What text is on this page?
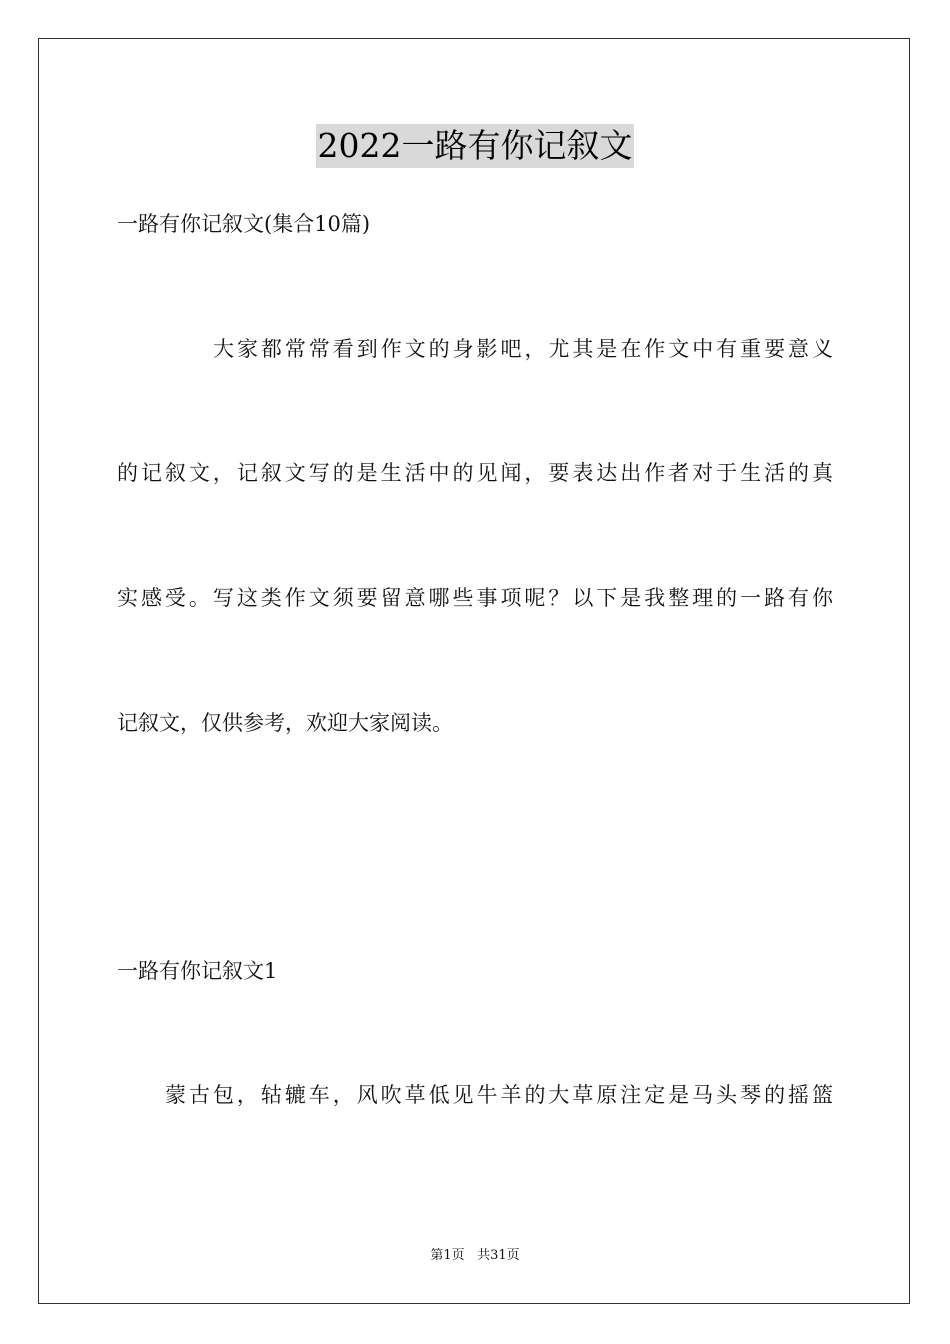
2022一路有你记叙文
一路有你记叙文(集合10篇)
大家都常常看到作文的身影吧，尤其是在作文中有重要意义
的记叙文，记叙文写的是生活中的见闻，要表达出作者对于生活的真
实感受。写这类作文须要留意哪些事项呢？以下是我整理的一路有你
记叙文，仅供参考，欢迎大家阅读。
一路有你记叙文1
蒙古包，轱辘车，风吹草低见牛羊的大草原注定是马头琴的摇篮
第1页 共31页
